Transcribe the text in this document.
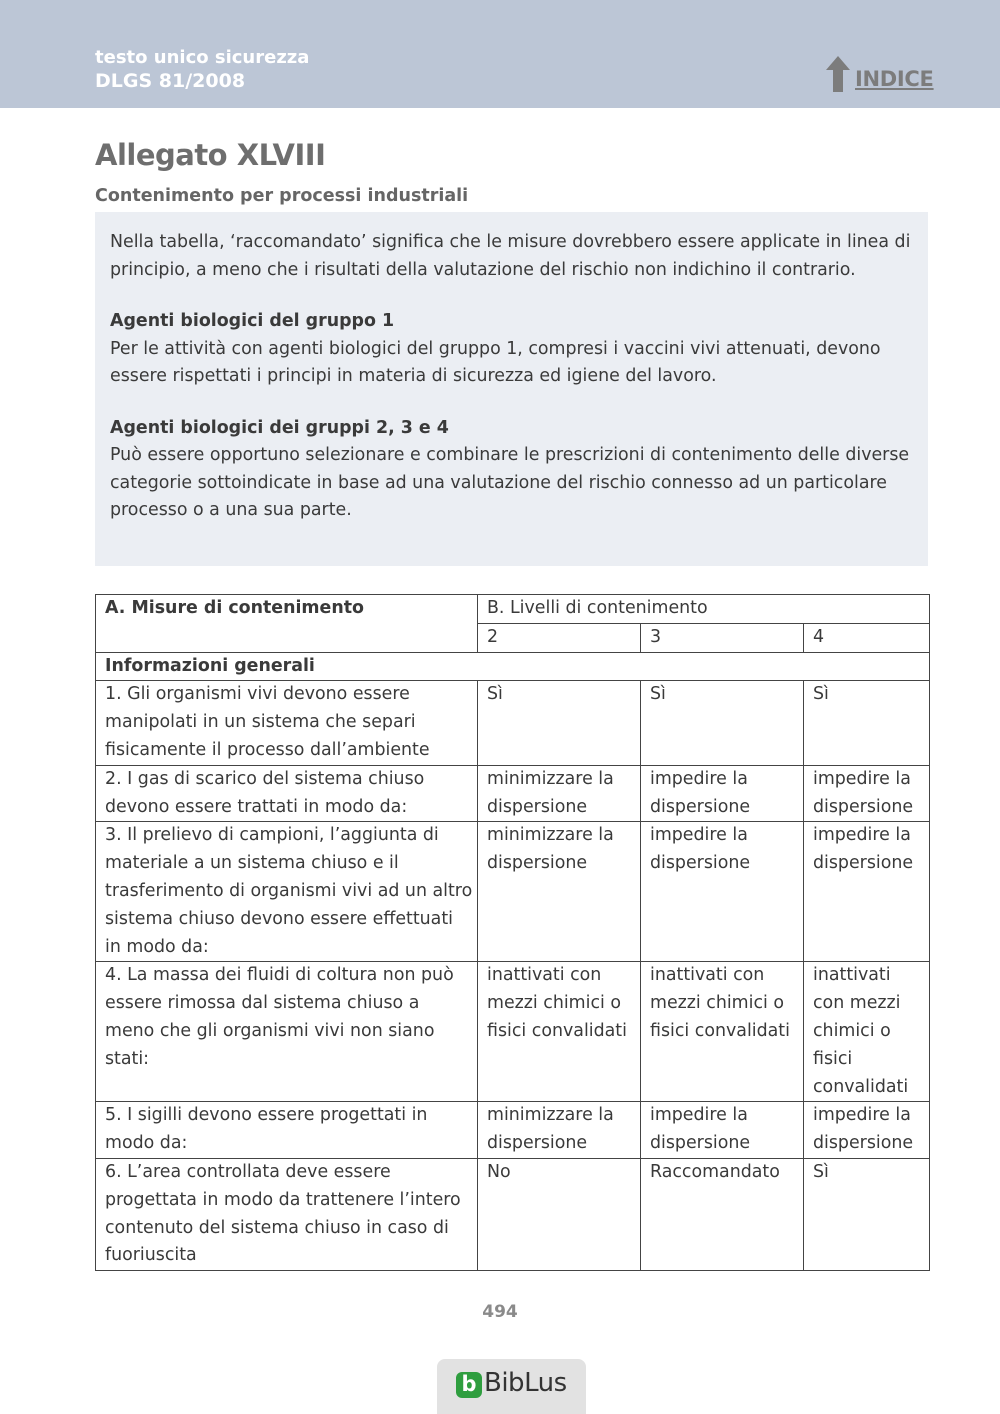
testo unico sicurezza
DLGS 81/2008	INDICE
Allegato XLVIII
Contenimento per processi industriali

Nella tabella, ‘raccomandato’ significa che le misure dovrebbero essere applicate in linea di principio, a meno che i risultati della valutazione del rischio non indichino il contrario.

Agenti biologici del gruppo 1

Per le attività con agenti biologici del gruppo 1, compresi i vaccini vivi attenuati, devono essere rispettati i principi in materia di sicurezza ed igiene del lavoro.

Agenti biologici dei gruppi 2, 3 e 4

Può essere opportuno selezionare e combinare le prescrizioni di contenimento delle diverse categorie sottoindicate in base ad una valutazione del rischio connesso ad un particolare processo o a una sua parte.

A. Misure di contenimento	B. Livelli di contenimento		
	2	3	4
Informazioni generali			
1. Gli organismi vivi devono essere manipolati in un sistema che separi fisicamente il processo dall’ambiente	Sì	Sì	Sì
2. I gas di scarico del sistema chiuso devono essere trattati in modo da:	minimizzare la dispersione	impedire la dispersione	impedire la dispersione
3. Il prelievo di campioni, l’aggiunta di materiale a un sistema chiuso e il trasferimento di organismi vivi ad un altro sistema chiuso devono essere effettuati in modo da:	minimizzare la dispersione	impedire la dispersione	impedire la dispersione
4. La massa dei fluidi di coltura non può essere rimossa dal sistema chiuso a meno che gli organismi vivi non siano stati:	inattivati con mezzi chimici o fisici convalidati	inattivati con mezzi chimici o fisici convalidati	inattivati con mezzi chimici o fisici convalidati
5. I sigilli devono essere progettati in modo da:	minimizzare la dispersione	impedire la dispersione	impedire la dispersione
6. L’area controllata deve essere progettata in modo da trattenere l’intero contenuto del sistema chiuso in caso di fuoriuscita	No	Raccomandato	Sì
494
b BibLus
